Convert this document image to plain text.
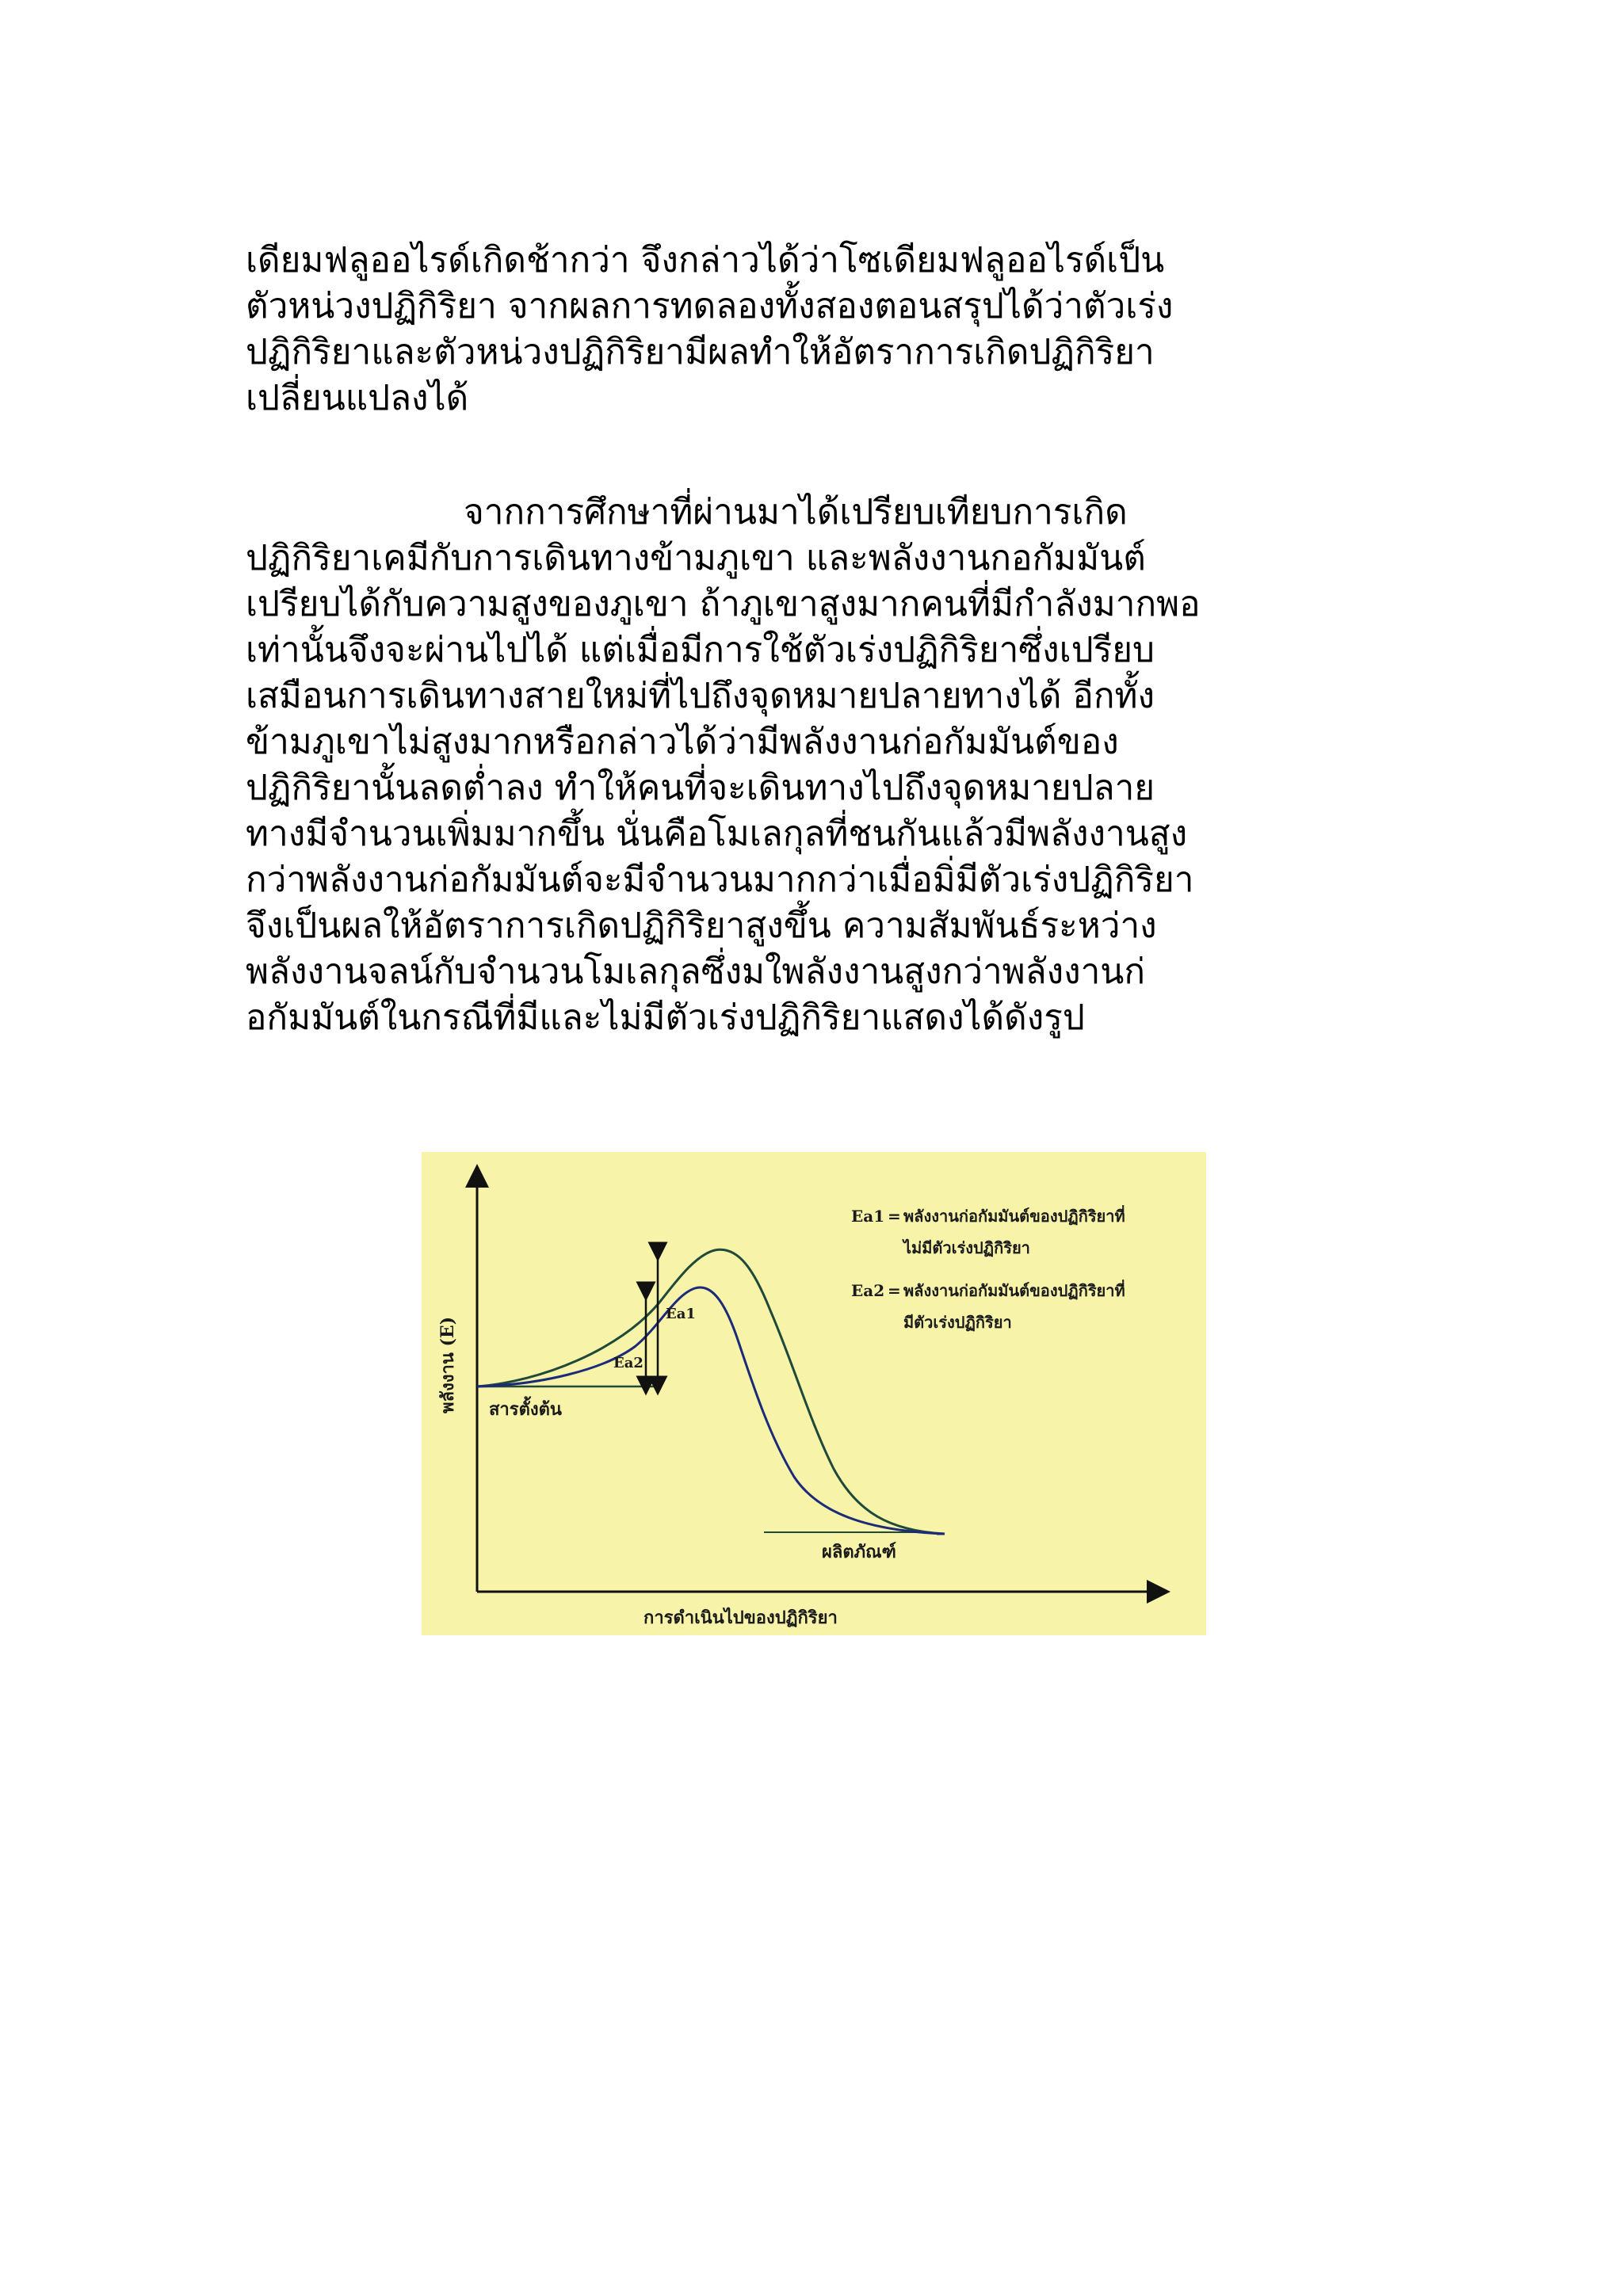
เดียมฟลูออไรด์เกิดช้ากว่า จึงกล่าวได้ว่าโซเดียมฟลูออไรด์เป็น
ตัวหน่วงปฏิกิริยา จากผลการทดลองทั้งสองตอนสรุปได้ว่าตัวเร่ง
ปฏิกิริยาและตัวหน่วงปฏิกิริยามีผลทำให้อัตราการเกิดปฏิกิริยา
เปลี่ยนแปลงได้
จากการศึกษาที่ผ่านมาได้เปรียบเทียบการเกิด
ปฏิกิริยาเคมีกับการเดินทางข้ามภูเขา และพลังงานกอกัมมันต์
เปรียบได้กับความสูงของภูเขา ถ้าภูเขาสูงมากคนที่มีกำลังมากพอ
เท่านั้นจึงจะผ่านไปได้ แต่เมื่อมีการใช้ตัวเร่งปฏิกิริยาซึ่งเปรียบ
เสมือนการเดินทางสายใหม่ที่ไปถึงจุดหมายปลายทางได้ อีกทั้ง
ข้ามภูเขาไม่สูงมากหรือกล่าวได้ว่ามีพลังงานก่อกัมมันต์ของ
ปฏิกิริยานั้นลดต่ำลง ทำให้คนที่จะเดินทางไปถึงจุดหมายปลาย
ทางมีจำนวนเพิ่มมากขึ้น นั่นคือโมเลกุลที่ชนกันแล้วมีพลังงานสูง
กว่าพลังงานก่อกัมมันต์จะมีจำนวนมากกว่าเมื่อมิ่มีตัวเร่งปฏิกิริยา
จึงเป็นผลให้อัตราการเกิดปฏิกิริยาสูงขึ้น ความสัมพันธ์ระหว่าง
พลังงานจลน์กับจำนวนโมเลกุลซึ่งมใพลังงานสูงกว่าพลังงานก่
อกัมมันต์ในกรณีที่มีและไม่มีตัวเร่งปฏิกิริยาแสดงได้ดังรูป
Ea1
Ea2
พลังงาน (E)
การดำเนินไปของปฏิกิริยา
สารตั้งต้น
ผลิตภัณฑ์
Ea1 = พลังงานก่อกัมมันต์ของปฏิกิริยาที่
ไม่มีตัวเร่งปฏิกิริยา
Ea2 = พลังงานก่อกัมมันต์ของปฏิกิริยาที่
มีตัวเร่งปฏิกิริยา
